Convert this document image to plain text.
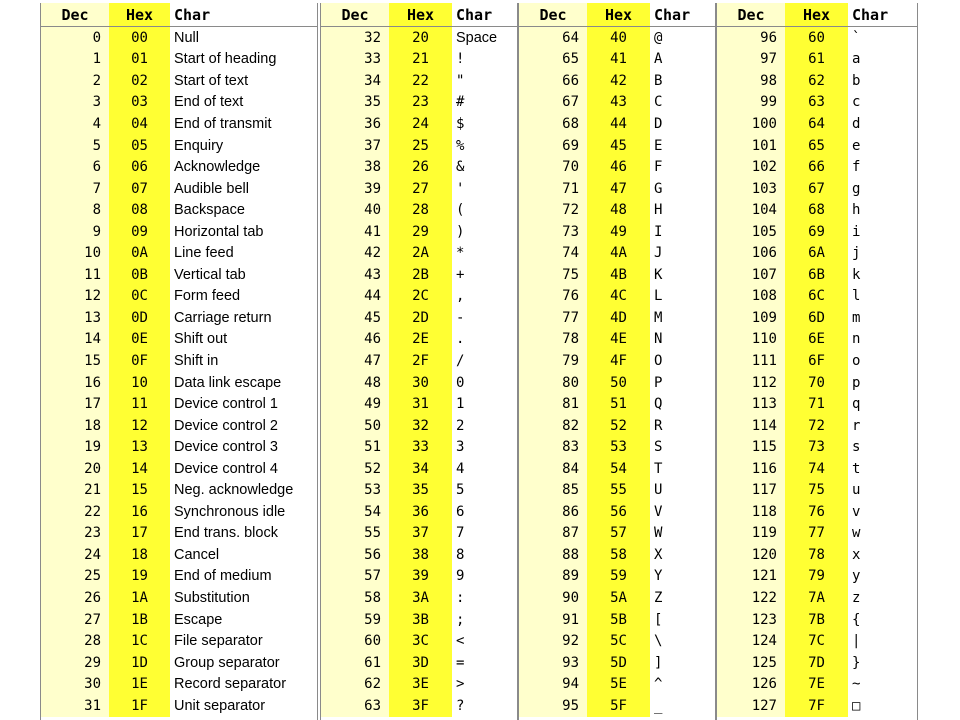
Dec	Hex	Char
0	00	Null
1	01	Start of heading
2	02	Start of text
3	03	End of text
4	04	End of transmit
5	05	Enquiry
6	06	Acknowledge
7	07	Audible bell
8	08	Backspace
9	09	Horizontal tab
10	0A	Line feed
11	0B	Vertical tab
12	0C	Form feed
13	0D	Carriage return
14	0E	Shift out
15	0F	Shift in
16	10	Data link escape
17	11	Device control 1
18	12	Device control 2
19	13	Device control 3
20	14	Device control 4
21	15	Neg. acknowledge
22	16	Synchronous idle
23	17	End trans. block
24	18	Cancel
25	19	End of medium
26	1A	Substitution
27	1B	Escape
28	1C	File separator
29	1D	Group separator
30	1E	Record separator
31	1F	Unit separator
Dec	Hex	Char
32	20	Space
33	21	!
34	22	"
35	23	#
36	24	$
37	25	%
38	26	&
39	27	'
40	28	(
41	29	)
42	2A	*
43	2B	+
44	2C	,
45	2D	-
46	2E	.
47	2F	/
48	30	0
49	31	1
50	32	2
51	33	3
52	34	4
53	35	5
54	36	6
55	37	7
56	38	8
57	39	9
58	3A	:
59	3B	;
60	3C	<
61	3D	=
62	3E	>
63	3F	?
Dec	Hex	Char
64	40	@
65	41	A
66	42	B
67	43	C
68	44	D
69	45	E
70	46	F
71	47	G
72	48	H
73	49	I
74	4A	J
75	4B	K
76	4C	L
77	4D	M
78	4E	N
79	4F	O
80	50	P
81	51	Q
82	52	R
83	53	S
84	54	T
85	55	U
86	56	V
87	57	W
88	58	X
89	59	Y
90	5A	Z
91	5B	[
92	5C	\
93	5D	]
94	5E	^
95	5F	_
Dec	Hex	Char
96	60	`
97	61	a
98	62	b
99	63	c
100	64	d
101	65	e
102	66	f
103	67	g
104	68	h
105	69	i
106	6A	j
107	6B	k
108	6C	l
109	6D	m
110	6E	n
111	6F	o
112	70	p
113	71	q
114	72	r
115	73	s
116	74	t
117	75	u
118	76	v
119	77	w
120	78	x
121	79	y
122	7A	z
123	7B	{
124	7C	|
125	7D	}
126	7E	~
127	7F	□
